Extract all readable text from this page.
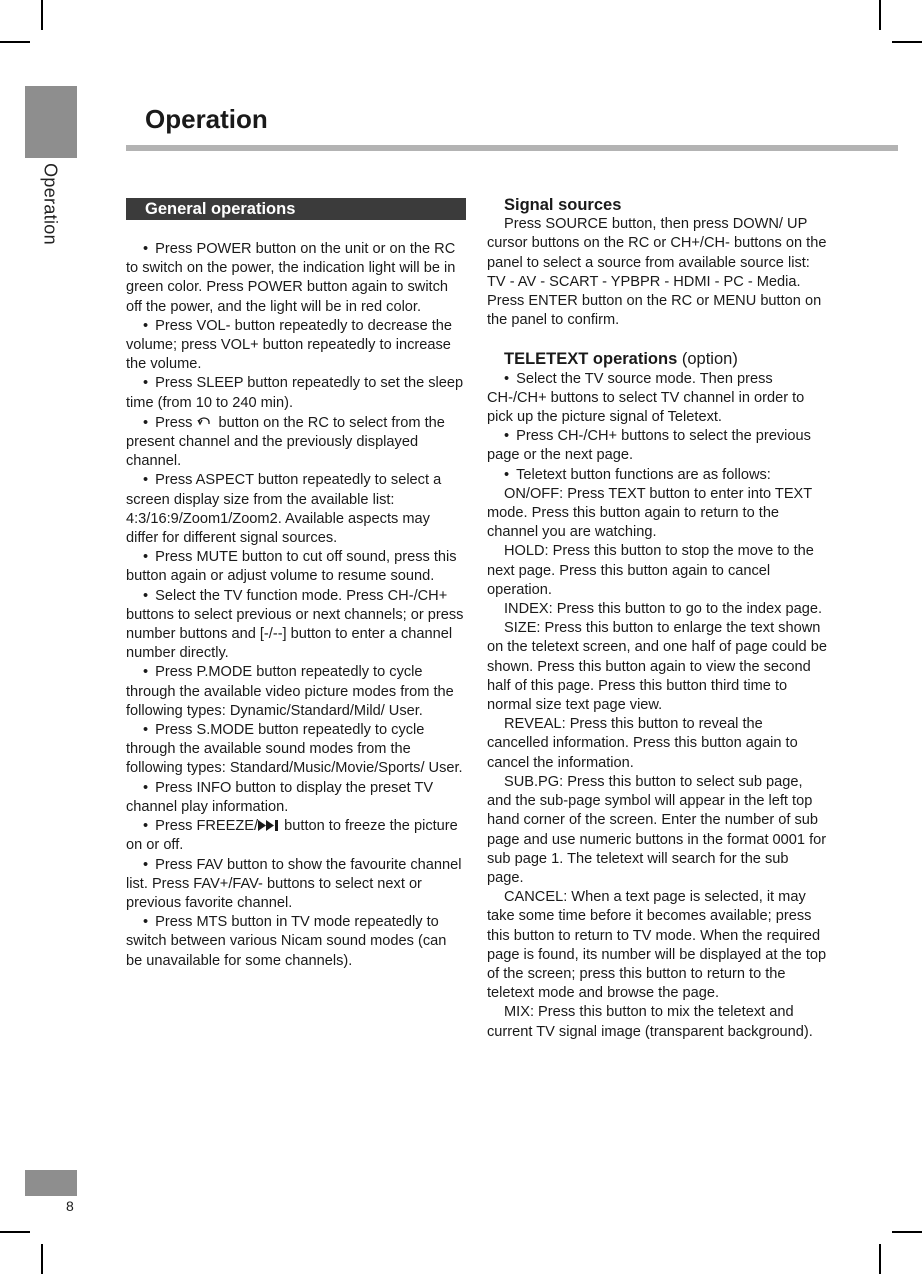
Operation
Operation
General operations

• Press POWER button on the unit or on the RC to switch on the power, the indication light will be in green color. Press POWER button again to switch off the power, and the light will be in red color.

• Press VOL- button repeatedly to decrease the volume; press VOL+ button repeatedly to increase the volume.

• Press SLEEP button repeatedly to set the sleep time (from 10 to 240 min).

• Press button on the RC to select from the present channel and the previously displayed channel.

• Press ASPECT button repeatedly to select a screen display size from the available list: 4:3/16:9/Zoom1/Zoom2. Available aspects may differ for different signal sources.

• Press MUTE button to cut off sound, press this button again or adjust volume to resume sound.

• Select the TV function mode. Press CH-/CH+ buttons to select previous or next channels; or press number buttons and [-/--] button to enter a channel number directly.

• Press P.MODE button repeatedly to cycle through the available video picture modes from the following types: Dynamic/Standard/Mild/ User.

• Press S.MODE button repeatedly to cycle through the available sound modes from the following types: Standard/Music/Movie/Sports/ User.

• Press INFO button to display the preset TV channel play information.

• Press FREEZE/ button to freeze the picture on or off.

• Press FAV button to show the favourite channel list. Press FAV+/FAV- buttons to select next or previous favorite channel.

• Press MTS button in TV mode repeatedly to switch between various Nicam sound modes (can be unavailable for some channels).

Signal sources

Press SOURCE button, then press DOWN/ UP cursor buttons on the RC or CH+/CH- buttons on the panel to select a source from available source list: TV - AV - SCART - YPBPR - HDMI - PC - Media. Press ENTER button on the RC or MENU button on the panel to confirm.

TELETEXT operations (option)

• Select the TV source mode. Then press CH-/CH+ buttons to select TV channel in order to pick up the picture signal of Teletext.

• Press CH-/CH+ buttons to select the previous page or the next page.

• Teletext button functions are as follows:

ON/OFF: Press TEXT button to enter into TEXT mode. Press this button again to return to the channel you are watching.

HOLD: Press this button to stop the move to the next page. Press this button again to cancel operation.

INDEX: Press this button to go to the index page.

SIZE: Press this button to enlarge the text shown on the teletext screen, and one half of page could be shown. Press this button again to view the second half of this page. Press this button third time to normal size text page view.

REVEAL: Press this button to reveal the cancelled information. Press this button again to cancel the information.

SUB.PG: Press this button to select sub page, and the sub-page symbol will appear in the left top hand corner of the screen. Enter the number of sub page and use numeric buttons in the format 0001 for sub page 1. The teletext will search for the sub page.

CANCEL: When a text page is selected, it may take some time before it becomes available; press this button to return to TV mode. When the required page is found, its number will be displayed at the top of the screen; press this button to return to the teletext mode and browse the page.

MIX: Press this button to mix the teletext and current TV signal image (transparent background).

8
